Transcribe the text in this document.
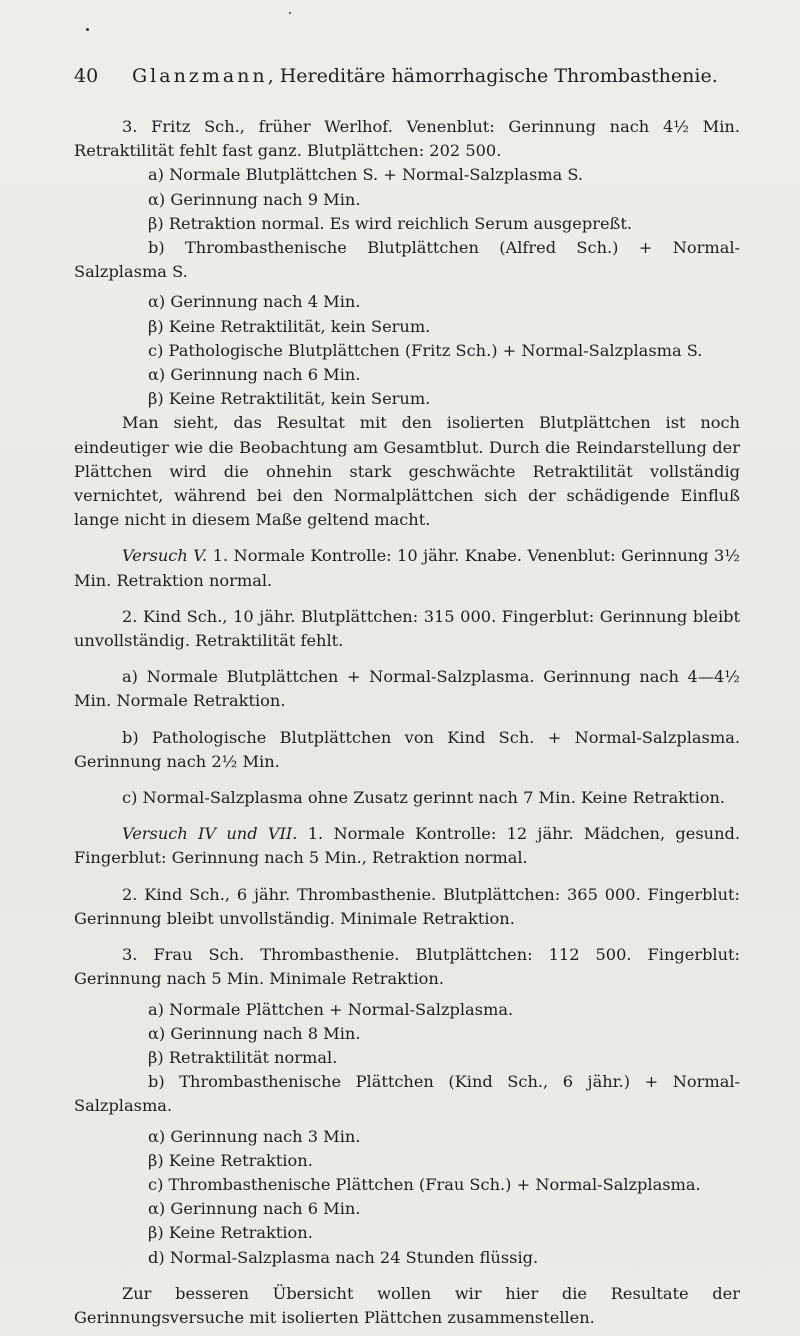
40 Glanzmann, Hereditäre hämorrhagische Thrombasthenie.

3. Fritz Sch., früher Werlhof. Venenblut: Gerinnung nach 4½ Min. Retraktilität fehlt fast ganz. Blutplättchen: 202 500.

a) Normale Blutplättchen S. + Normal-Salzplasma S.

α) Gerinnung nach 9 Min.

β) Retraktion normal. Es wird reichlich Serum ausgepreßt.

b) Thrombasthenische Blutplättchen (Alfred Sch.) + Normal-Salzplasma S.

α) Gerinnung nach 4 Min.

β) Keine Retraktilität, kein Serum.

c) Pathologische Blutplättchen (Fritz Sch.) + Normal-Salzplasma S.

α) Gerinnung nach 6 Min.

β) Keine Retraktilität, kein Serum.

Man sieht, das Resultat mit den isolierten Blutplättchen ist noch eindeutiger wie die Beobachtung am Gesamtblut. Durch die Reindarstellung der Plättchen wird die ohnehin stark geschwächte Retraktilität vollständig vernichtet, während bei den Normalplättchen sich der schädigende Einfluß lange nicht in diesem Maße geltend macht.

Versuch V. 1. Normale Kontrolle: 10 jähr. Knabe. Venenblut: Gerinnung 3½ Min. Retraktion normal.

2. Kind Sch., 10 jähr. Blutplättchen: 315 000. Fingerblut: Gerinnung bleibt unvollständig. Retraktilität fehlt.

a) Normale Blutplättchen + Normal-Salzplasma. Gerinnung nach 4—4½ Min. Normale Retraktion.

b) Pathologische Blutplättchen von Kind Sch. + Normal-Salzplasma. Gerinnung nach 2½ Min.

c) Normal-Salzplasma ohne Zusatz gerinnt nach 7 Min. Keine Retraktion.

Versuch IV und VII. 1. Normale Kontrolle: 12 jähr. Mädchen, gesund. Fingerblut: Gerinnung nach 5 Min., Retraktion normal.

2. Kind Sch., 6 jähr. Thrombasthenie. Blutplättchen: 365 000. Fingerblut: Gerinnung bleibt unvollständig. Minimale Retraktion.

3. Frau Sch. Thrombasthenie. Blutplättchen: 112 500. Fingerblut: Gerinnung nach 5 Min. Minimale Retraktion.

a) Normale Plättchen + Normal-Salzplasma.

α) Gerinnung nach 8 Min.

β) Retraktilität normal.

b) Thrombasthenische Plättchen (Kind Sch., 6 jähr.) + Normal-Salzplasma.

α) Gerinnung nach 3 Min.

β) Keine Retraktion.

c) Thrombasthenische Plättchen (Frau Sch.) + Normal-Salzplasma.

α) Gerinnung nach 6 Min.

β) Keine Retraktion.

d) Normal-Salzplasma nach 24 Stunden flüssig.

Zur besseren Übersicht wollen wir hier die Resultate der Gerinnungsversuche mit isolierten Plättchen zusammenstellen.
